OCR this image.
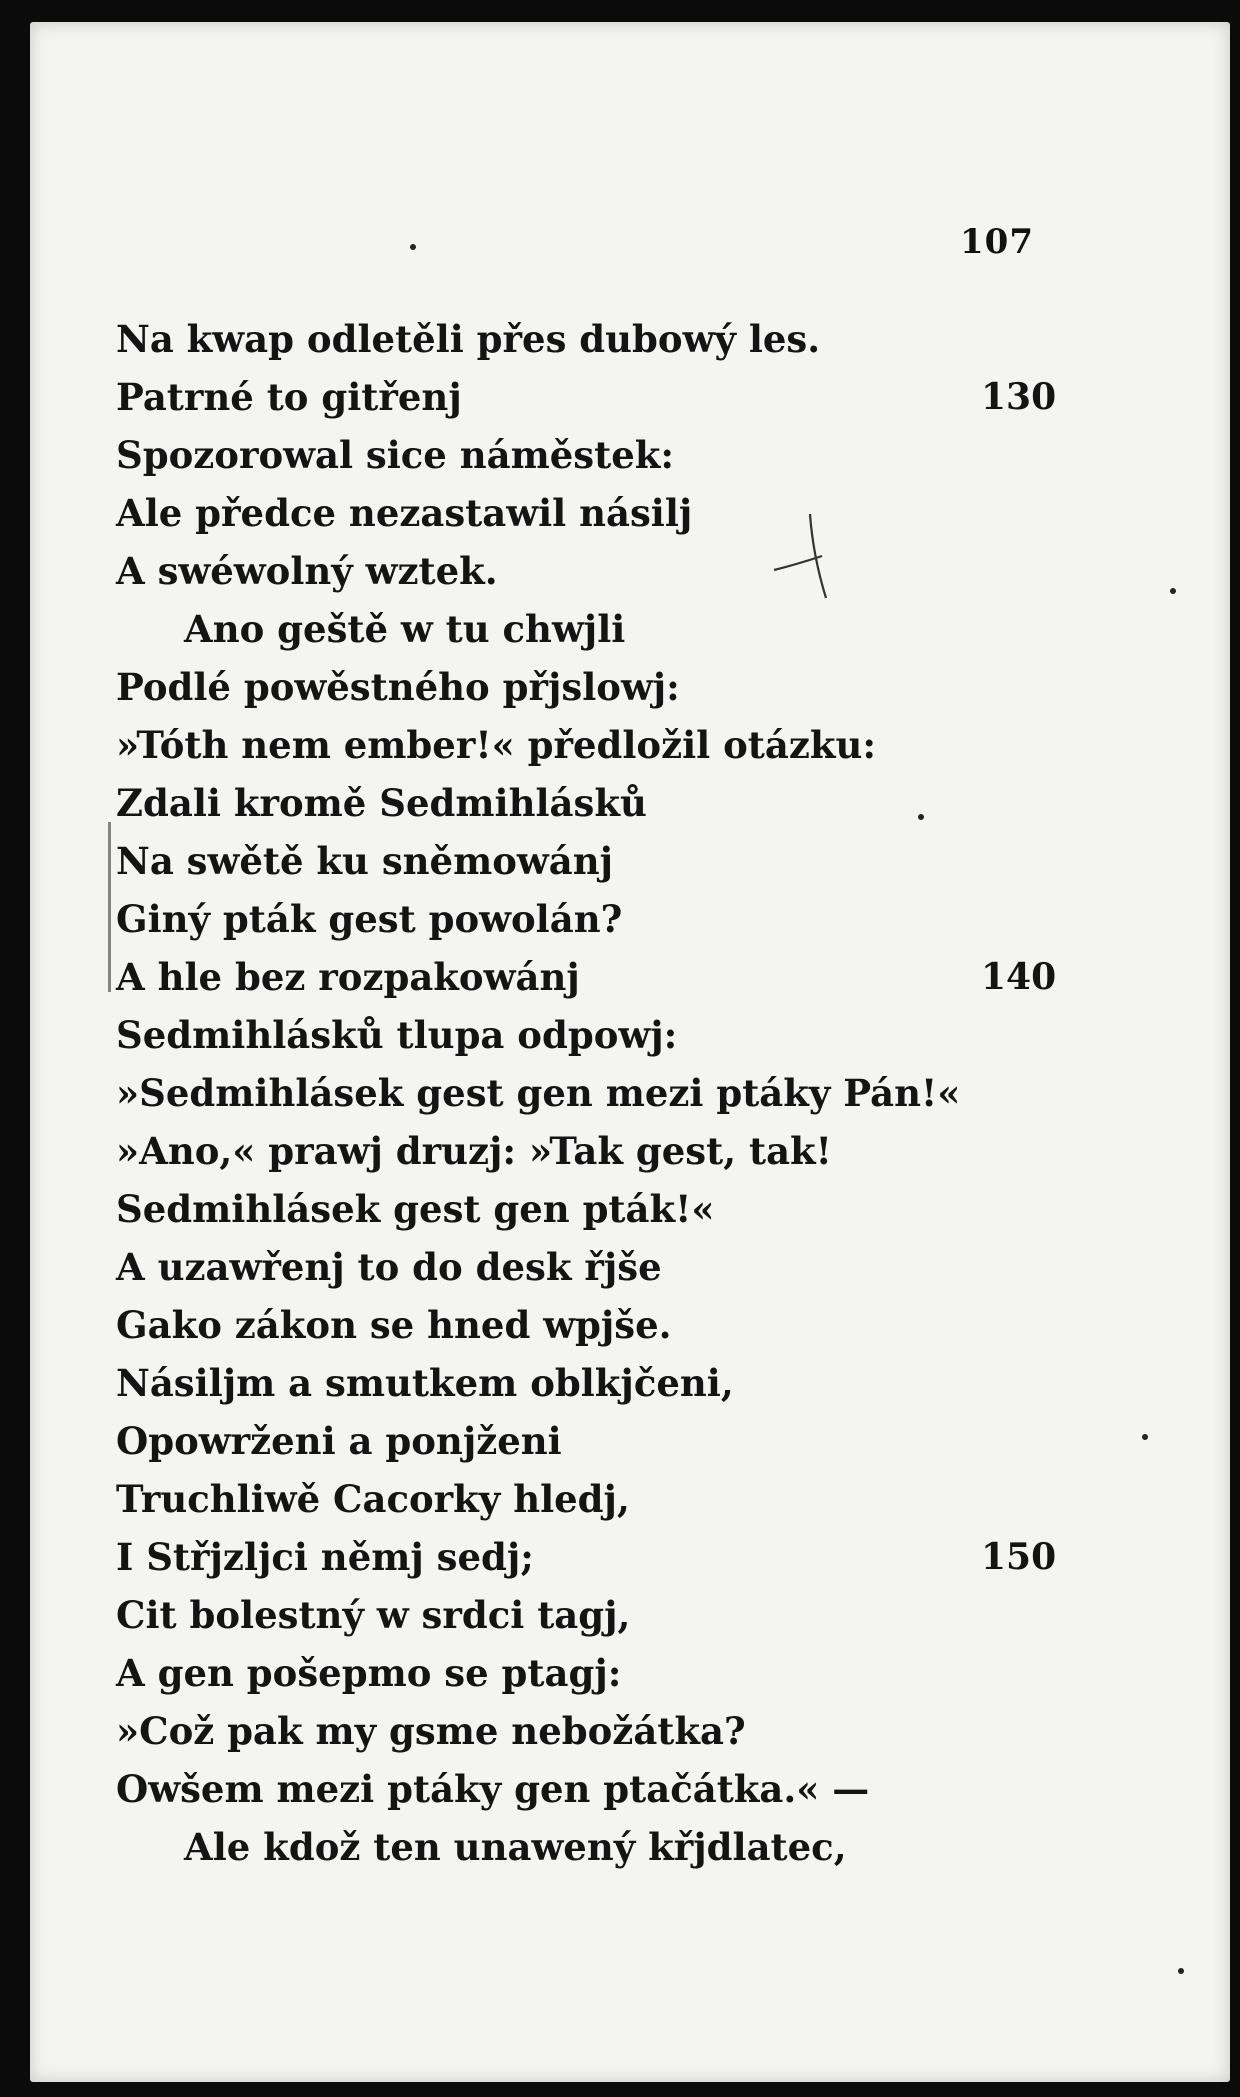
107
Na kwap odletěli přes dubowý les.
Patrné to gitřenj	130
Spozorowal sice náměstek:
Ale předce nezastawil násilj
A swéwolný wztek.
Ano geště w tu chwjli
Podlé powěstného přjslowj:
»Tóth nem ember!« předložil otázku:
Zdali kromě Sedmihlásků
Na swětě ku sněmowánj
Giný pták gest powolán?
A hle bez rozpakowánj	140
Sedmihlásků tlupa odpowj:
»Sedmihlásek gest gen mezi ptáky Pán!«
»Ano,« prawj druzj: »Tak gest, tak!
Sedmihlásek gest gen pták!«
A uzawřenj to do desk řjše
Gako zákon se hned wpjše.
Násiljm a smutkem oblkjčeni,
Opowrženi a ponjženi
Truchliwě Cacorky hledj,
I Střjzljci němj sedj;	150
Cit bolestný w srdci tagj,
A gen pošepmo se ptagj:
»Což pak my gsme nebožátka?
Owšem mezi ptáky gen ptačátka.« —
Ale kdož ten unawený křjdlatec,
